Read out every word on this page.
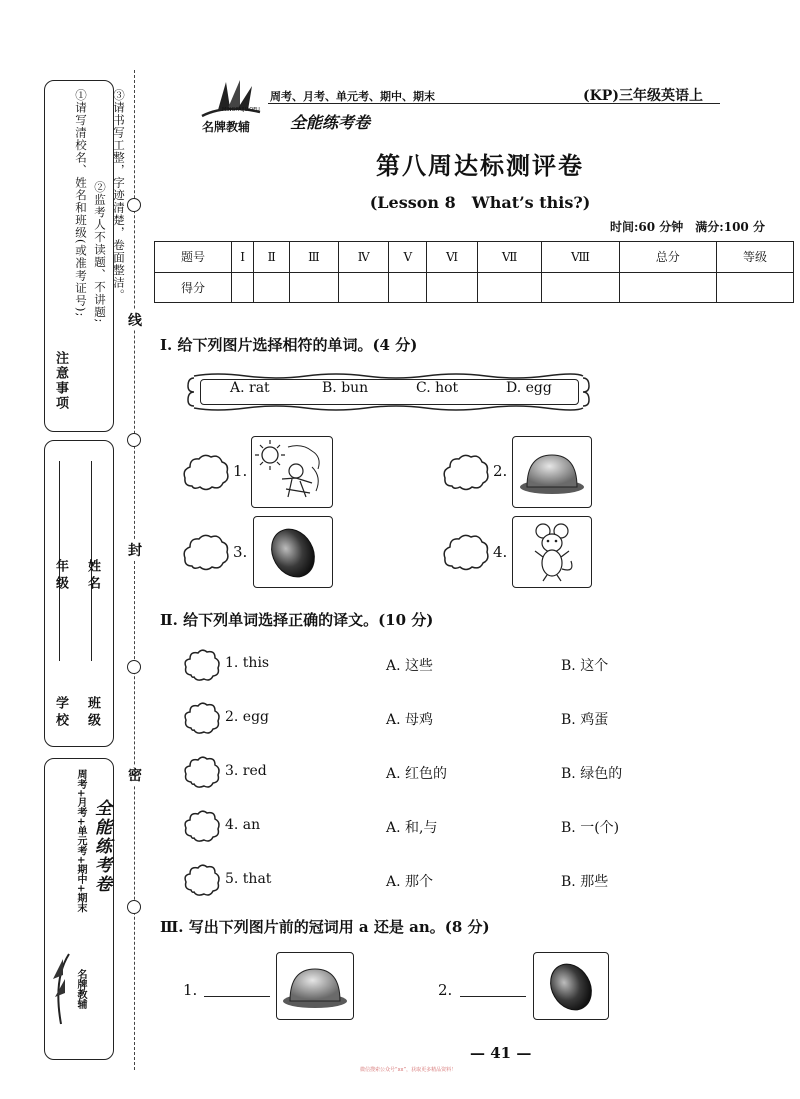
注意事项
①请写清校名、姓名和班级(或准考证号); ②监考人不读题、不讲题; ③请书写工整，字迹清楚，卷面整洁。
学校
年级
班级
姓名
周考+月考+单元考+期中+期末 全能练考卷
名牌教辅
线
封
密
MINGPAIJIAOFU
名牌教辅
周考、月考、单元考、期中、期末	(KP)三年级英语上
全能练考卷
第八周达标测评卷
(Lesson 8　What’s this?)
时间:60 分钟　满分:100 分
题号	Ⅰ	Ⅱ	Ⅲ	Ⅳ	Ⅴ	Ⅵ	Ⅶ	Ⅷ	总分	等级
得分										
Ⅰ. 给下列图片选择相符的单词。(4 分)
A. rat	B. bun	C. hot	D. egg
1.	2.
3.	4.
Ⅱ. 给下列单词选择正确的译文。(10 分)
1. this	A. 这些	B. 这个
2. egg	A. 母鸡	B. 鸡蛋
3. red	A. 红色的	B. 绿色的
4. an	A. 和,与	B. 一(个)
5. that	A. 那个	B. 那些
Ⅲ. 写出下列图片前的冠词用 a 还是 an。(8 分)
1.	2.
— 41 —
微信搜索公众号“xx”，获取更多精品资料！
